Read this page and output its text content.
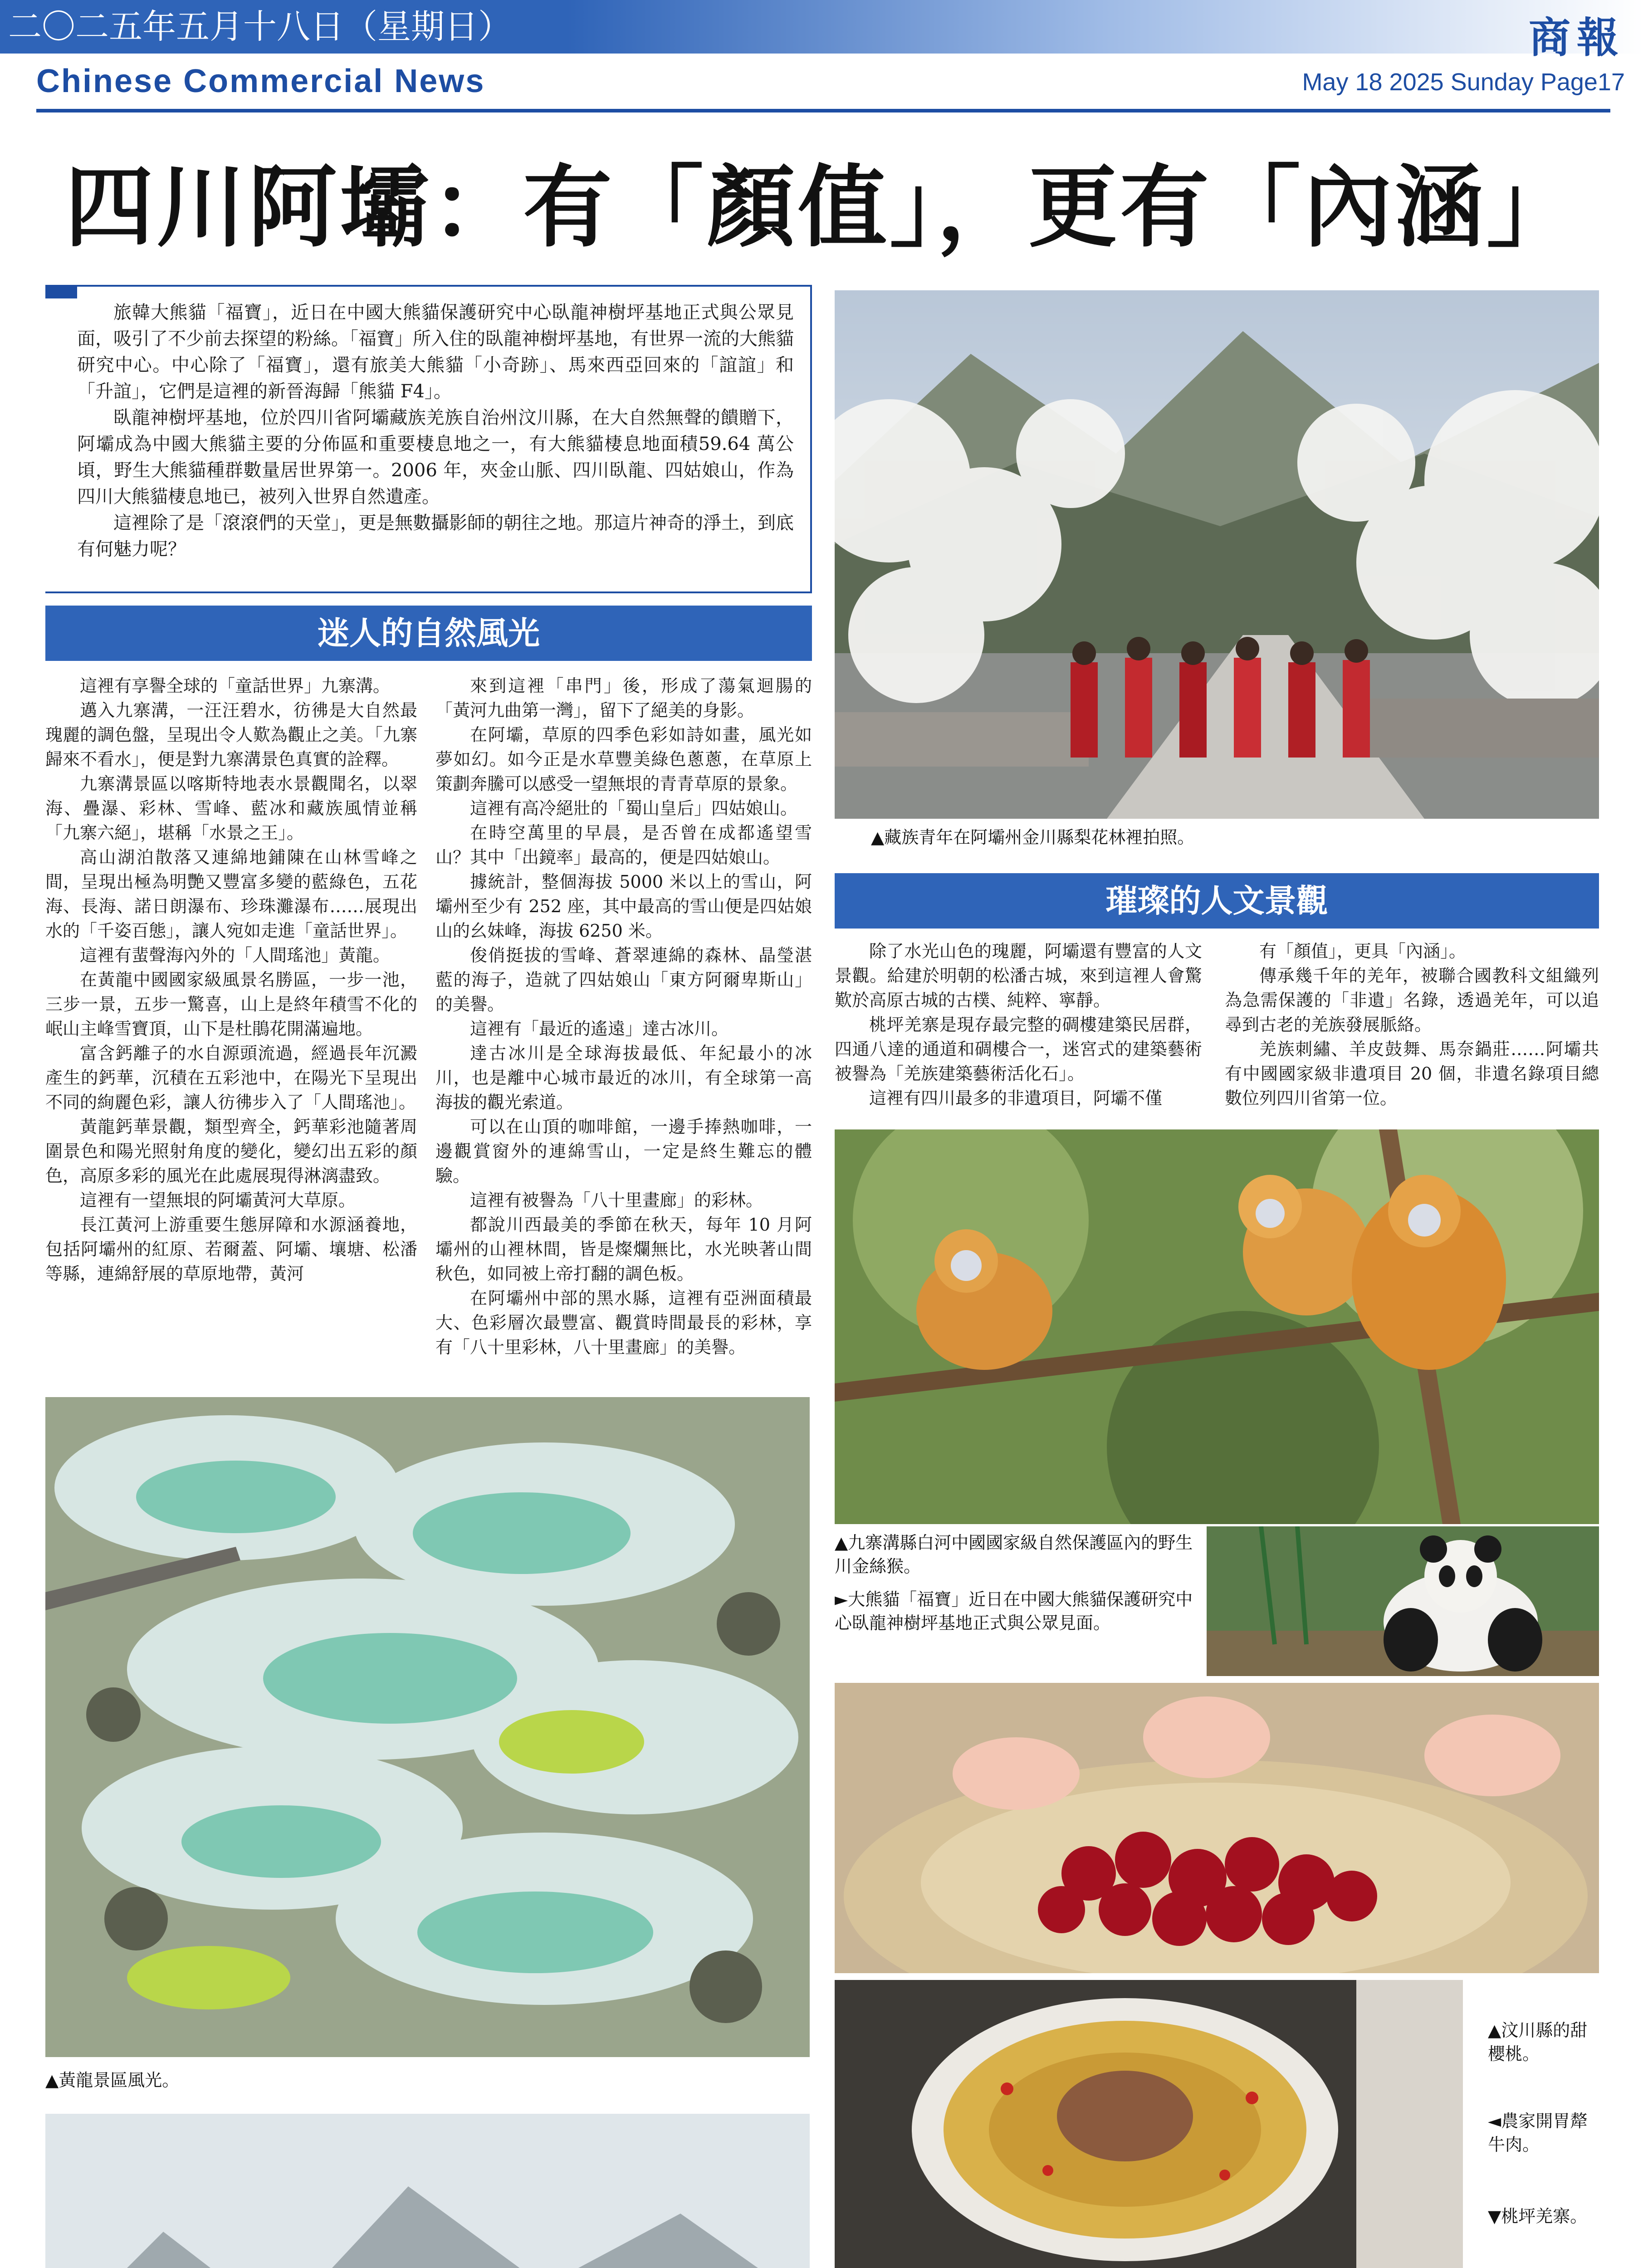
二〇二五年五月十八日（星期日）	商報
Chinese Commercial News	May 18 2025 Sunday Page17
四川阿壩：有「顏值」，更有「內涵」

旅韓大熊貓「福寶」，近日在中國大熊貓保護研究中心臥龍神樹坪基地正式與公眾見面，吸引了不少前去探望的粉絲。「福寶」所入住的臥龍神樹坪基地，有世界一流的大熊貓研究中心。中心除了「福寶」，還有旅美大熊貓「小奇跡」、馬來西亞回來的「誼誼」和「升誼」，它們是這裡的新晉海歸「熊貓 F4」。

臥龍神樹坪基地，位於四川省阿壩藏族羌族自治州汶川縣，在大自然無聲的饋贈下，阿壩成為中國大熊貓主要的分佈區和重要棲息地之一，有大熊貓棲息地面積59.64 萬公頃，野生大熊貓種群數量居世界第一。2006 年，夾金山脈、四川臥龍、四姑娘山，作為四川大熊貓棲息地已，被列入世界自然遺產。

這裡除了是「滾滾們的天堂」，更是無數攝影師的朝往之地。那這片神奇的淨土，到底有何魅力呢？

▲藏族青年在阿壩州金川縣梨花林裡拍照。
迷人的自然風光

這裡有享譽全球的「童話世界」九寨溝。

邁入九寨溝，一汪汪碧水，彷彿是大自然最瑰麗的調色盤，呈現出令人歎為觀止之美。「九寨歸來不看水」，便是對九寨溝景色真實的詮釋。

九寨溝景區以喀斯特地表水景觀聞名，以翠海、疊瀑、彩林、雪峰、藍冰和藏族風情並稱「九寨六絕」，堪稱「水景之王」。

高山湖泊散落又連綿地鋪陳在山林雪峰之間，呈現出極為明艷又豐富多變的藍綠色，五花海、長海、諾日朗瀑布、珍珠灘瀑布……展現出水的「千姿百態」，讓人宛如走進「童話世界」。

這裡有蜚聲海內外的「人間瑤池」黃龍。

在黃龍中國國家級風景名勝區，一步一池，三步一景，五步一驚喜，山上是終年積雪不化的岷山主峰雪寶頂，山下是杜鵑花開滿遍地。

富含鈣離子的水自源頭流過，經過長年沉澱產生的鈣華，沉積在五彩池中，在陽光下呈現出不同的絢麗色彩，讓人彷彿步入了「人間瑤池」。

黃龍鈣華景觀，類型齊全，鈣華彩池隨著周圍景色和陽光照射角度的變化，變幻出五彩的顏色，高原多彩的風光在此處展現得淋漓盡致。

這裡有一望無垠的阿壩黃河大草原。

長江黃河上游重要生態屏障和水源涵養地，包括阿壩州的紅原、若爾蓋、阿壩、壤塘、松潘等縣，連綿舒展的草原地帶，黃河

來到這裡「串門」後，形成了蕩氣迴腸的「黃河九曲第一灣」，留下了絕美的身影。

在阿壩，草原的四季色彩如詩如畫，風光如夢如幻。如今正是水草豐美綠色蔥蔥，在草原上策劃奔騰可以感受一望無垠的青青草原的景象。

這裡有高冷絕壯的「蜀山皇后」四姑娘山。

在時空萬里的早晨，是否曾在成都遙望雪山？其中「出鏡率」最高的，便是四姑娘山。

據統計，整個海拔 5000 米以上的雪山，阿壩州至少有 252 座，其中最高的雪山便是四姑娘山的幺妹峰，海拔 6250 米。

俊俏挺拔的雪峰、蒼翠連綿的森林、晶瑩湛藍的海子，造就了四姑娘山「東方阿爾卑斯山」的美譽。

這裡有「最近的遙遠」達古冰川。

達古冰川是全球海拔最低、年紀最小的冰川，也是離中心城市最近的冰川，有全球第一高海拔的觀光索道。

可以在山頂的咖啡館，一邊手捧熱咖啡，一邊觀賞窗外的連綿雪山，一定是終生難忘的體驗。

這裡有被譽為「八十里畫廊」的彩林。

都說川西最美的季節在秋天，每年 10 月阿壩州的山裡林間，皆是燦爛無比，水光映著山間秋色，如同被上帝打翻的調色板。

在阿壩州中部的黑水縣，這裡有亞洲面積最大、色彩層次最豐富、觀賞時間最長的彩林，享有「八十里彩林，八十里畫廊」的美譽。

璀璨的人文景觀

除了水光山色的瑰麗，阿壩還有豐富的人文景觀。給建於明朝的松潘古城，來到這裡人會驚歎於高原古城的古樸、純粹、寧靜。

桃坪羌寨是現存最完整的碉樓建築民居群，四通八達的通道和碉樓合一，迷宮式的建築藝術被譽為「羌族建築藝術活化石」。

這裡有四川最多的非遺項目，阿壩不僅

有「顏值」，更具「內涵」。

傳承幾千年的羌年，被聯合國教科文組織列為急需保護的「非遺」名錄，透過羌年，可以追尋到古老的羌族發展脈絡。

羌族刺繡、羊皮鼓舞、馬奈鍋莊……阿壩共有中國國家級非遺項目 20 個，非遺名錄項目總數位列四川省第一位。

▲九寨溝縣白河中國國家級自然保護區內的野生川金絲猴。
►大熊貓「福寶」近日在中國大熊貓保護研究中心臥龍神樹坪基地正式與公眾見面。
▲汶川縣的甜櫻桃。
◄農家開胃犛牛肉。
▼桃坪羌寨。

▲黃龍景區風光。
